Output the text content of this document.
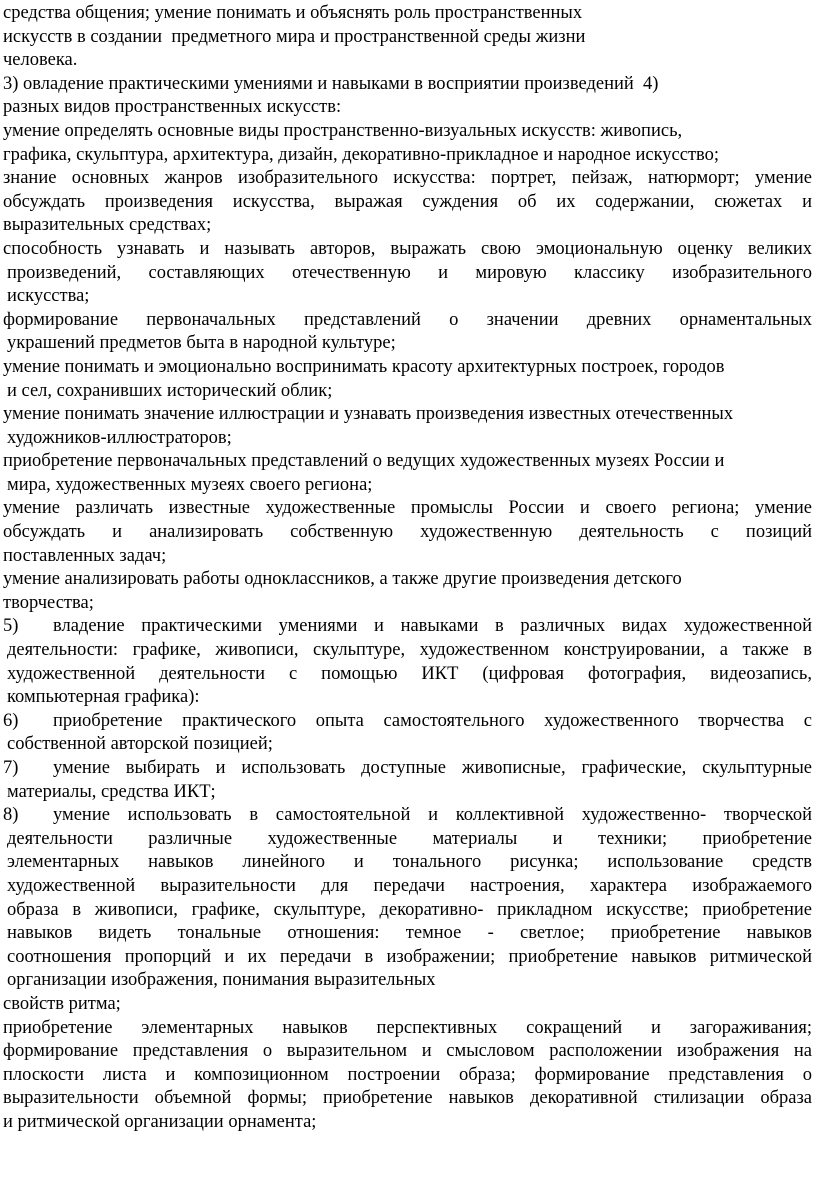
средства общения; умение понимать и объяснять роль пространственных
искусств в создании  предметного мира и пространственной среды жизни
человека.
3) овладение практическими умениями и навыками в восприятии произведений  4)
разных видов пространственных искусств:
умение определять основные виды пространственно-визуальных искусств: живопись,
графика, скульптура, архитектура, дизайн, декоративно-прикладное и народное искусство;
знание основных жанров изобразительного искусства: портрет, пейзаж, натюрморт; умение
обсуждать произведения искусства, выражая суждения об их содержании, сюжетах и
выразительных средствах;
способность узнавать и называть авторов, выражать свою эмоциональную оценку великих
произведений, составляющих отечественную и мировую классику изобразительного
искусства;
формирование первоначальных представлений о значении древних орнаментальных
украшений предметов быта в народной культуре;
умение понимать и эмоционально воспринимать красоту архитектурных построек, городов
и сел, сохранивших исторический облик;
умение понимать значение иллюстрации и узнавать произведения известных отечественных
художников-иллюстраторов;
приобретение первоначальных представлений о ведущих художественных музеях России и
мира, художественных музеях своего региона;
умение различать известные художественные промыслы России и своего региона; умение
обсуждать и анализировать собственную художественную деятельность с позиций
поставленных задач;
умение анализировать работы одноклассников, а также другие произведения детского
творчества;
5) владение практическими умениями и навыками в различных видах художественной
деятельности: графике, живописи, скульптуре, художественном конструировании, а также в
художественной деятельности с помощью ИКТ (цифровая фотография, видеозапись,
компьютерная графика):
6) приобретение практического опыта самостоятельного художественного творчества с
собственной авторской позицией;
7) умение выбирать и использовать доступные живописные, графические, скульптурные
материалы, средства ИКТ;
8) умение использовать в самостоятельной и коллективной художественно- творческой
деятельности различные художественные материалы и техники; приобретение
элементарных навыков линейного и тонального рисунка; использование средств
художественной выразительности для передачи настроения, характера изображаемого
образа в живописи, графике, скульптуре, декоративно- прикладном искусстве; приобретение
навыков видеть тональные отношения: темное - светлое; приобретение навыков
соотношения пропорций и их передачи в изображении; приобретение навыков ритмической
организации изображения, понимания выразительных
свойств ритма;
приобретение элементарных навыков перспективных сокращений и загораживания;
формирование представления о выразительном и смысловом расположении изображения на
плоскости листа и композиционном построении образа; формирование представления о
выразительности объемной формы; приобретение навыков декоративной стилизации образа
и ритмической организации орнамента;
